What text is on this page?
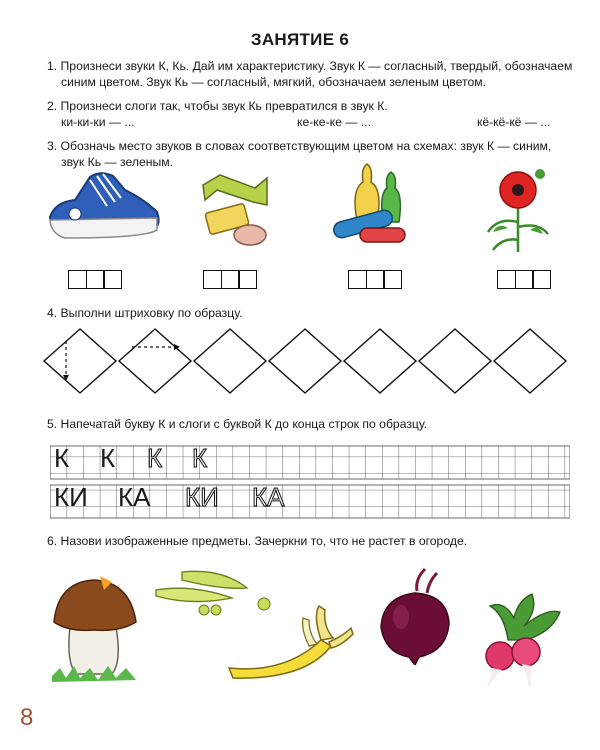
ЗАНЯТИЕ 6
1. Произнеси звуки К, Кь. Дай им характеристику. Звук К — согласный, твердый, обозначаем
синим цветом. Звук Кь — согласный, мягкий, обозначаем зеленым цветом.
2. Произнеси слоги так, чтобы звук Кь превратился в звук К.
ки-ки-ки — ...	ке-ке-ке — ...	кё-кё-кё — ...
3. Обозначь место звуков в словах соответствующим цветом на схемах: звук К — синим,
звук Кь — зеленым.
4. Выполни штриховку по образцу.
5. Напечатай букву К и слоги с буквой К до конца строк по образцу.
К К К К
КИ КА КИ КА
6. Назови изображенные предметы. Зачеркни то, что не растет в огороде.
8
